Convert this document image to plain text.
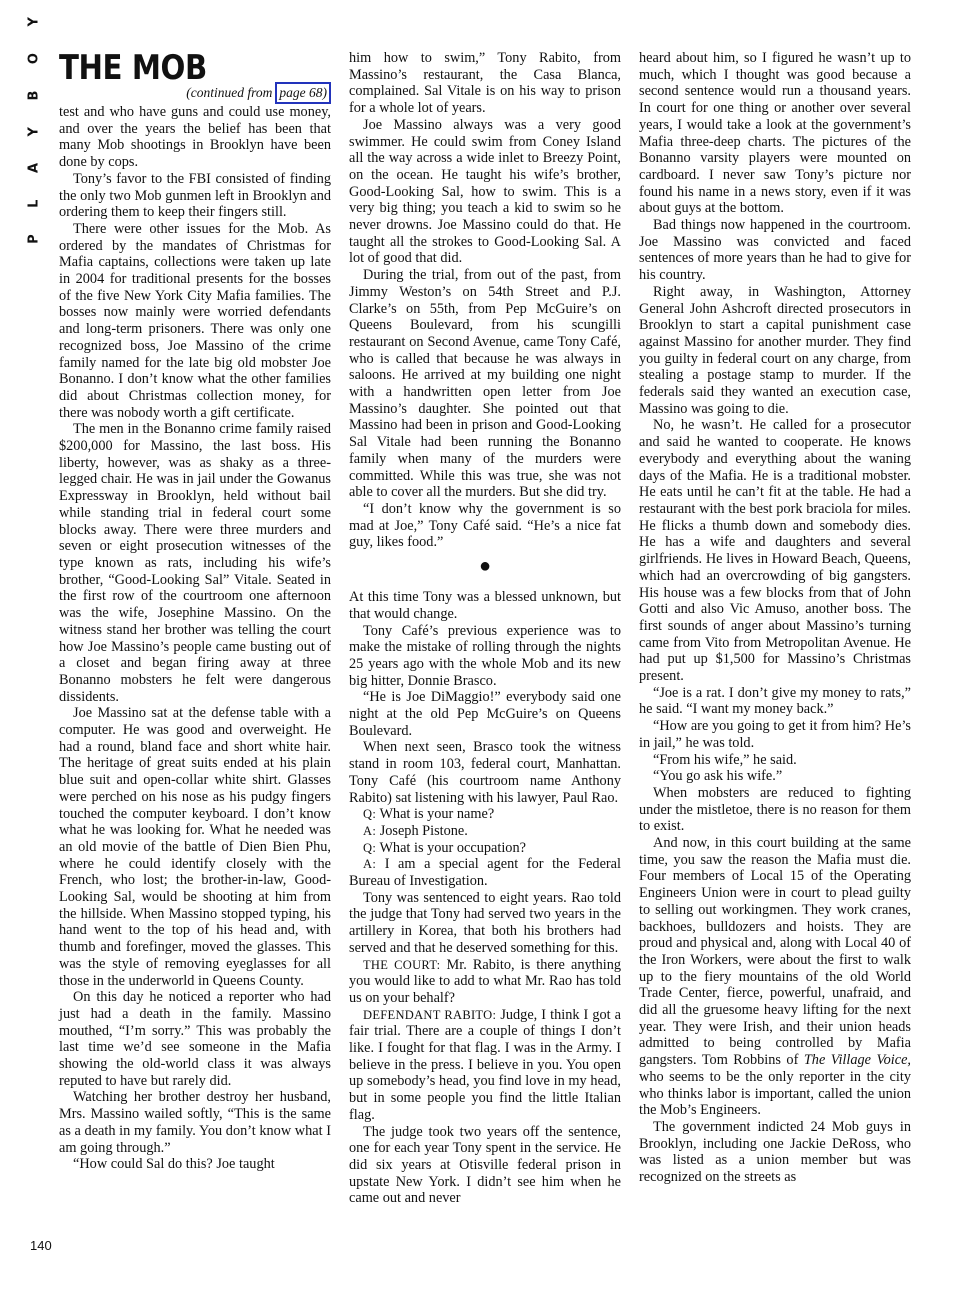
P L A Y B O Y
140
THE MOB
(continued from page 68)

test and who have guns and could use money, and over the years the belief has been that many Mob shootings in Brooklyn have been done by cops.

Tony’s favor to the FBI consisted of finding the only two Mob gunmen left in Brooklyn and ordering them to keep their fingers still.

There were other issues for the Mob. As ordered by the mandates of Christmas for Mafia captains, collections were taken up late in 2004 for traditional presents for the bosses of the five New York City Mafia families. The bosses now mainly were worried defendants and long-term prisoners. There was only one recognized boss, Joe Massino of the crime family named for the late big old mobster Joe Bonanno. I don’t know what the other families did about Christmas collection money, for there was nobody worth a gift certificate.

The men in the Bonanno crime family raised $200,000 for Massino, the last boss. His liberty, however, was as shaky as a three-legged chair. He was in jail under the Gowanus Expressway in Brooklyn, held without bail while standing trial in federal court some blocks away. There were three murders and seven or eight prosecution witnesses of the type known as rats, including his wife’s brother, “Good-Looking Sal” Vitale. Seated in the first row of the courtroom one afternoon was the wife, Josephine Massino. On the witness stand her brother was telling the court how Joe Massino’s people came busting out of a closet and began firing away at three Bonanno mobsters he felt were dangerous dissidents.

Joe Massino sat at the defense table with a computer. He was good and overweight. He had a round, bland face and short white hair. The heritage of great suits ended at his plain blue suit and open-collar white shirt. Glasses were perched on his nose as his pudgy fingers touched the computer keyboard. I don’t know what he was looking for. What he needed was an old movie of the battle of Dien Bien Phu, where he could identify closely with the French, who lost; the brother-in-law, Good-Looking Sal, would be shooting at him from the hillside. When Massino stopped typing, his hand went to the top of his head and, with thumb and forefinger, moved the glasses. This was the style of removing eyeglasses for all those in the underworld in Queens County.

On this day he noticed a reporter who had just had a death in the family. Massino mouthed, “I’m sorry.” This was probably the last time we’d see someone in the Mafia showing the old-world class it was always reputed to have but rarely did.

Watching her brother destroy her husband, Mrs. Massino wailed softly, “This is the same as a death in my family. You don’t know what I am going through.”

“How could Sal do this? Joe taught

him how to swim,” Tony Rabito, from Massino’s restaurant, the Casa Blanca, complained. Sal Vitale is on his way to prison for a whole lot of years.

Joe Massino always was a very good swimmer. He could swim from Coney Island all the way across a wide inlet to Breezy Point, on the ocean. He taught his wife’s brother, Good-Looking Sal, how to swim. This is a very big thing; you teach a kid to swim so he never drowns. Joe Massino could do that. He taught all the strokes to Good-Looking Sal. A lot of good that did.

During the trial, from out of the past, from Jimmy Weston’s on 54th Street and P.J. Clarke’s on 55th, from Pep McGuire’s on Queens Boulevard, from his scungilli restaurant on Second Avenue, came Tony Café, who is called that because he was always in saloons. He arrived at my building one night with a handwritten open letter from Joe Massino’s daughter. She pointed out that Massino had been in prison and Good-Looking Sal Vitale had been running the Bonanno family when many of the murders were committed. While this was true, she was not able to cover all the murders. But she did try.

“I don’t know why the government is so mad at Joe,” Tony Café said. “He’s a nice fat guy, likes food.”

●

At this time Tony was a blessed unknown, but that would change.

Tony Café’s previous experience was to make the mistake of rolling through the nights 25 years ago with the whole Mob and its new big hitter, Donnie Brasco.

“He is Joe DiMaggio!” everybody said one night at the old Pep McGuire’s on Queens Boulevard.

When next seen, Brasco took the witness stand in room 103, federal court, Manhattan. Tony Café (his courtroom name Anthony Rabito) sat listening with his lawyer, Paul Rao.

Q: What is your name?

A: Joseph Pistone.

Q: What is your occupation?

A: I am a special agent for the Federal Bureau of Investigation.

Tony was sentenced to eight years. Rao told the judge that Tony had served two years in the artillery in Korea, that both his brothers had served and that he deserved something for this.

THE COURT: Mr. Rabito, is there anything you would like to add to what Mr. Rao has told us on your behalf?

DEFENDANT RABITO: Judge, I think I got a fair trial. There are a couple of things I don’t like. I fought for that flag. I was in the Army. I believe in the press. I believe in you. You open up somebody’s head, you find love in my head, but in some people you find the little Italian flag.

The judge took two years off the sentence, one for each year Tony spent in the service. He did six years at Otisville federal prison in upstate New York. I didn’t see him when he came out and never

heard about him, so I figured he wasn’t up to much, which I thought was good because a second sentence would run a thousand years. In court for one thing or another over several years, I would take a look at the government’s Mafia three-deep charts. The pictures of the Bonanno varsity players were mounted on cardboard. I never saw Tony’s picture nor found his name in a news story, even if it was about guys at the bottom.

Bad things now happened in the courtroom. Joe Massino was convicted and faced sentences of more years than he had to give for his country.

Right away, in Washington, Attorney General John Ashcroft directed prosecutors in Brooklyn to start a capital punishment case against Massino for another murder. They find you guilty in federal court on any charge, from stealing a postage stamp to murder. If the federals said they wanted an execution case, Massino was going to die.

No, he wasn’t. He called for a prosecutor and said he wanted to cooperate. He knows everybody and everything about the waning days of the Mafia. He is a traditional mobster. He eats until he can’t fit at the table. He had a restaurant with the best pork braciola for miles. He flicks a thumb down and somebody dies. He has a wife and daughters and several girlfriends. He lives in Howard Beach, Queens, which had an overcrowding of big gangsters. His house was a few blocks from that of John Gotti and also Vic Amuso, another boss. The first sounds of anger about Massino’s turning came from Vito from Metropolitan Avenue. He had put up $1,500 for Massino’s Christmas present.

“Joe is a rat. I don’t give my money to rats,” he said. “I want my money back.”

“How are you going to get it from him? He’s in jail,” he was told.

“From his wife,” he said.

“You go ask his wife.”

When mobsters are reduced to fighting under the mistletoe, there is no reason for them to exist.

And now, in this court building at the same time, you saw the reason the Mafia must die. Four members of Local 15 of the Operating Engineers Union were in court to plead guilty to selling out workingmen. They work cranes, backhoes, bulldozers and hoists. They are proud and physical and, along with Local 40 of the Iron Workers, were about the first to walk up to the fiery mountains of the old World Trade Center, fierce, powerful, unafraid, and did all the gruesome heavy lifting for the next year. They were Irish, and their union heads admitted to being controlled by Mafia gangsters. Tom Robbins of The Village Voice, who seems to be the only reporter in the city who thinks labor is important, called the union the Mob’s Engineers.

The government indicted 24 Mob guys in Brooklyn, including one Jackie DeRoss, who was listed as a union member but was recognized on the streets as
